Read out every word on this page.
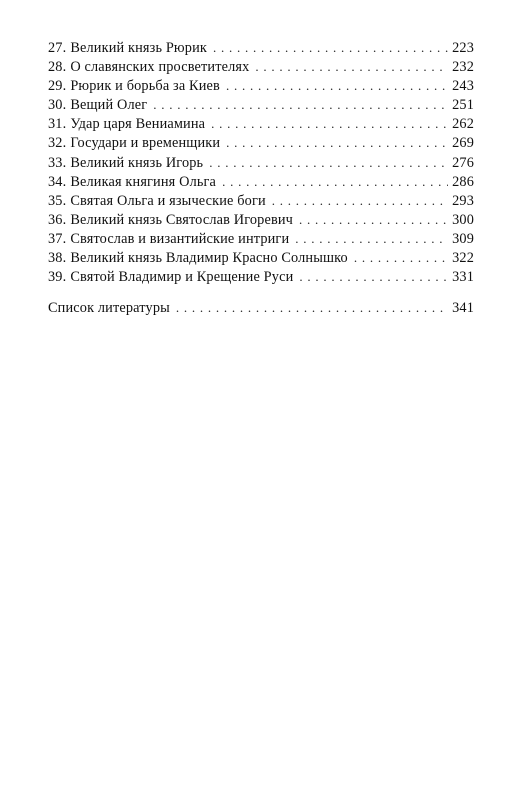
27. Великий князь Рюрик . . .	223
28. О славянских просветителях . . .	232
29. Рюрик и борьба за Киев . . .	243
30. Вещий Олег . . .	251
31. Удар царя Вениамина . . .	262
32. Государи и временщики . . .	269
33. Великий князь Игорь . . .	276
34. Великая княгиня Ольга . . .	286
35. Святая Ольга и языческие боги . . .	293
36. Великий князь Святослав Игоревич . . .	300
37. Святослав и византийские интриги . . .	309
38. Великий князь Владимир Красно Солнышко . . .	322
39. Святой Владимир и Крещение Руси . . .	331
Список литературы . . .	341
